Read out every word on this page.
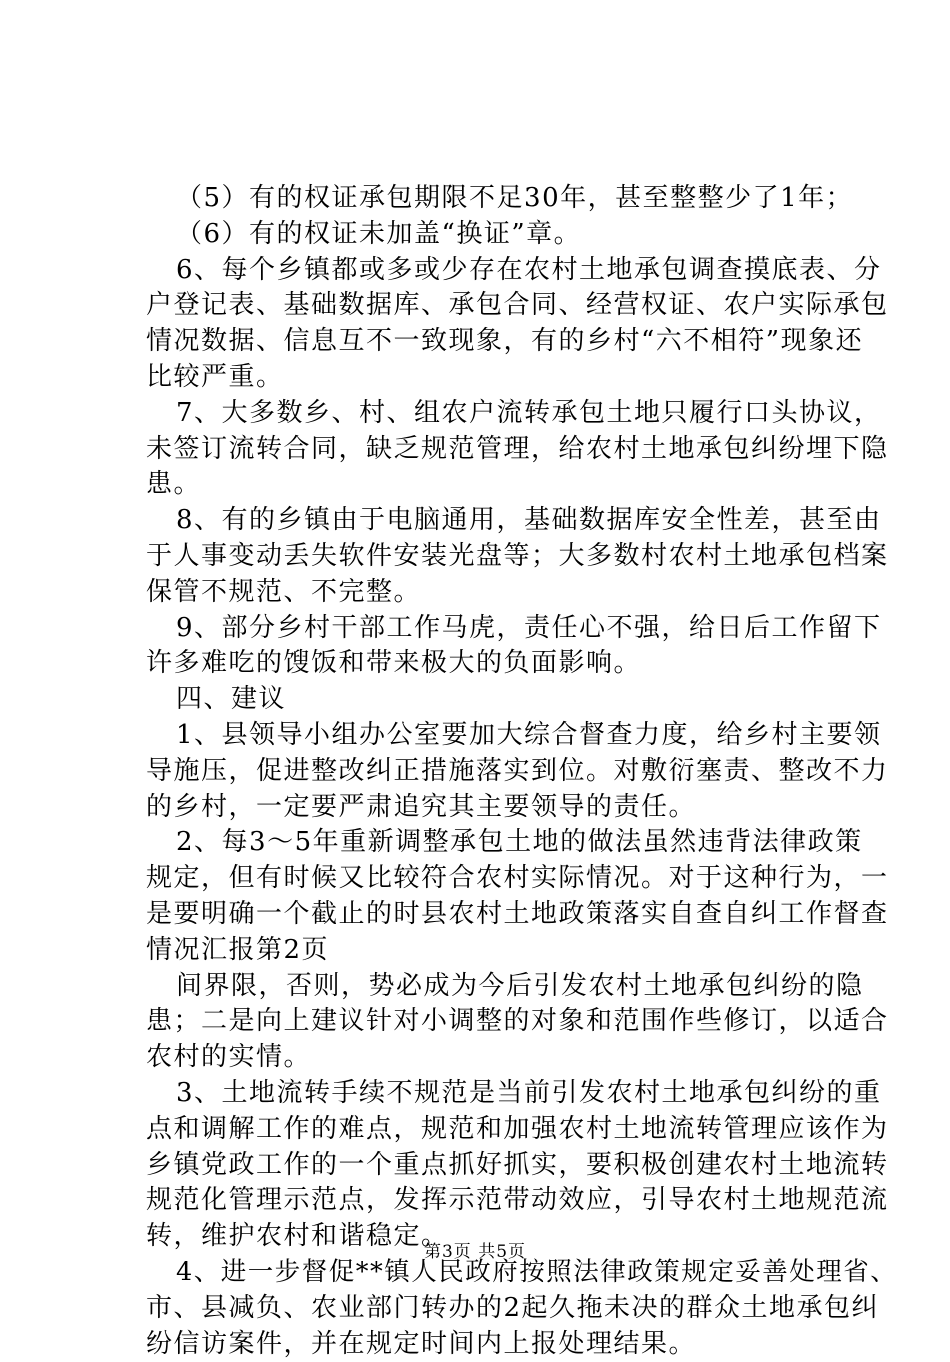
第3页 共5页
（5）有的权证承包期限不足30年，甚至整整少了1年；
（6）有的权证未加盖“换证”章。
6、每个乡镇都或多或少存在农村土地承包调查摸底表、分
户登记表、基础数据库、承包合同、经营权证、农户实际承包
情况数据、信息互不一致现象，有的乡村“六不相符”现象还
比较严重。
7、大多数乡、村、组农户流转承包土地只履行口头协议，
未签订流转合同，缺乏规范管理，给农村土地承包纠纷埋下隐
患。
8、有的乡镇由于电脑通用，基础数据库安全性差，甚至由
于人事变动丢失软件安装光盘等；大多数村农村土地承包档案
保管不规范、不完整。
9、部分乡村干部工作马虎，责任心不强，给日后工作留下
许多难吃的馊饭和带来极大的负面影响。
四、建议
1、县领导小组办公室要加大综合督查力度，给乡村主要领
导施压，促进整改纠正措施落实到位。对敷衍塞责、整改不力
的乡村，一定要严肃追究其主要领导的责任。
2、每3～5年重新调整承包土地的做法虽然违背法律政策
规定，但有时候又比较符合农村实际情况。对于这种行为，一
是要明确一个截止的时县农村土地政策落实自查自纠工作督查
情况汇报第2页
间界限，否则，势必成为今后引发农村土地承包纠纷的隐
患；二是向上建议针对小调整的对象和范围作些修订，以适合
农村的实情。
3、土地流转手续不规范是当前引发农村土地承包纠纷的重
点和调解工作的难点，规范和加强农村土地流转管理应该作为
乡镇党政工作的一个重点抓好抓实，要积极创建农村土地流转
规范化管理示范点，发挥示范带动效应，引导农村土地规范流
转，维护农村和谐稳定。
4、进一步督促**镇人民政府按照法律政策规定妥善处理省、
市、县减负、农业部门转办的2起久拖未决的群众土地承包纠
纷信访案件，并在规定时间内上报处理结果。
